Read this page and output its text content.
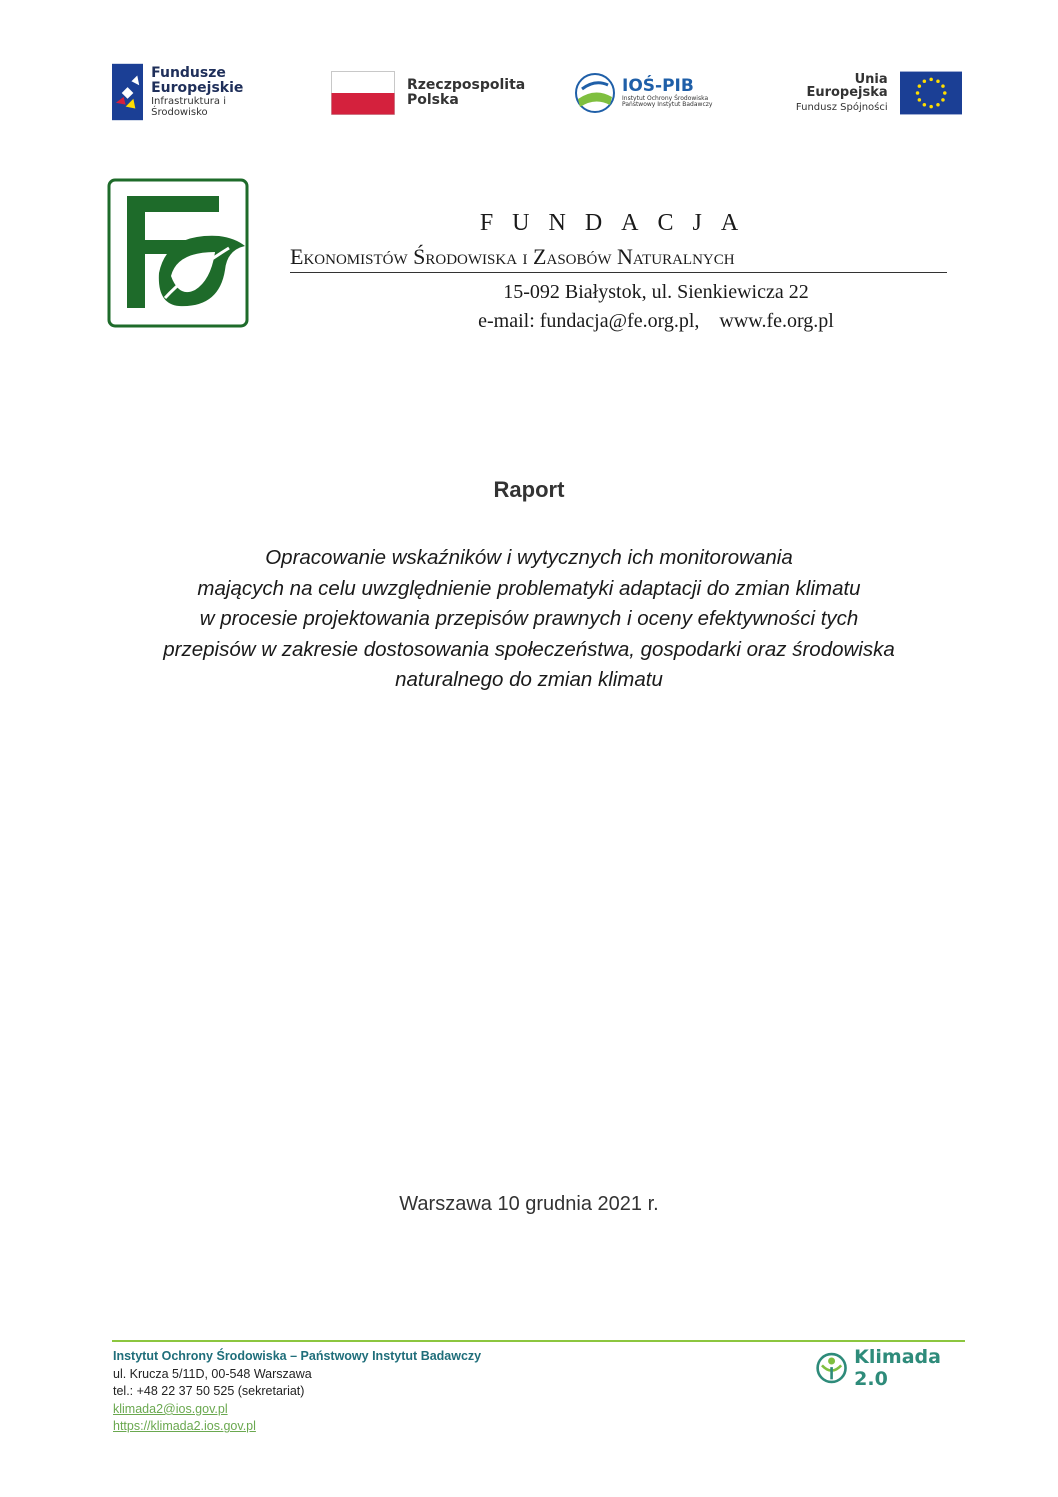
Fundusze
Europejskie
Infrastruktura i Środowisko
Rzeczpospolita
Polska
IOŚ-PIB
Instytut Ochrony Środowiska
Państwowy Instytut Badawczy
Unia Europejska
Fundusz Spójności
FUNDACJA
Ekonomistów Środowiska i Zasobów Naturalnych
15-092 Białystok, ul. Sienkiewicza 22
e-mail: fundacja@fe.org.pl,    www.fe.org.pl
Raport
Opracowanie wskaźników i wytycznych ich monitorowania
mających na celu uwzględnienie problematyki adaptacji do zmian klimatu
w procesie projektowania przepisów prawnych i oceny efektywności tych
przepisów w zakresie dostosowania społeczeństwa, gospodarki oraz środowiska
naturalnego do zmian klimatu
Warszawa 10 grudnia 2021 r.
Instytut Ochrony Środowiska – Państwowy Instytut Badawczy
ul. Krucza 5/11D, 00-548 Warszawa
tel.: +48 22 37 50 525 (sekretariat)
klimada2@ios.gov.pl
https://klimada2.ios.gov.pl
Klimada 2.0
